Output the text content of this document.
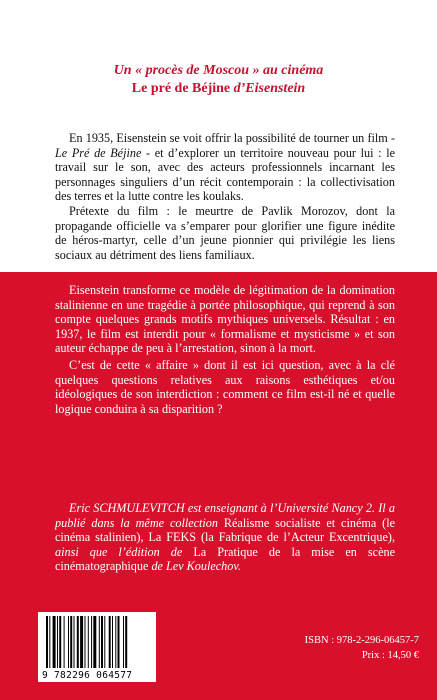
Un « procès de Moscou » au cinéma
Le pré de Béjine d’Eisenstein

En 1935, Eisenstein se voit offrir la possibilité de tourner un film - Le Pré de Béjine - et d’explorer un territoire nouveau pour lui : le travail sur le son, avec des acteurs professionnels incarnant les personnages singuliers d’un récit contemporain : la collectivisation des terres et la lutte contre les koulaks.

Prétexte du film : le meurtre de Pavlik Morozov, dont la propagande officielle va s’emparer pour glorifier une figure inédite de héros-martyr, celle d’un jeune pionnier qui privilégie les liens sociaux au détriment des liens familiaux.

Eisenstein transforme ce modèle de légitimation de la domination stalinienne en une tragédie à portée philosophique, qui reprend à son compte quelques grands motifs mythiques universels. Résultat : en 1937, le film est interdit pour « formalisme et mysticisme » et son auteur échappe de peu à l’arrestation, sinon à la mort.

C’est de cette « affaire » dont il est ici question, avec à la clé quelques questions relatives aux raisons esthétiques et/ou idéologiques de son interdiction : comment ce film est-il né et quelle logique conduira à sa disparition ?

Eric SCHMULEVITCH est enseignant à l’Université Nancy 2. Il a publié dans la même collection Réalisme socialiste et cinéma (le cinéma stalinien), La FEKS (la Fabrique de l’Acteur Excentrique), ainsi que l’édition de La Pratique de la mise en scène cinématographique de Lev Koulechov.

9 782296 064577
ISBN : 978-2-296-06457-7
Prix : 14,50 €
